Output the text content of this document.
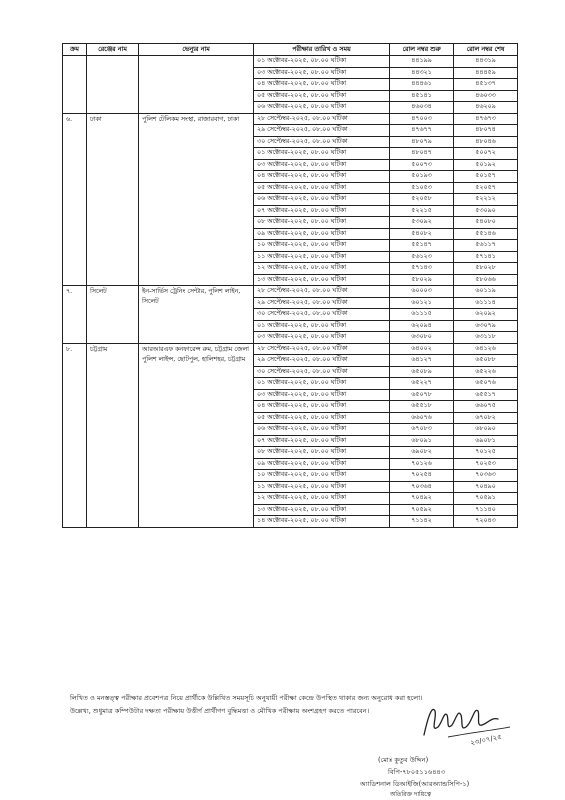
ক্রম	রেঞ্জের নাম	ভেন্যুর নাম	পরীক্ষার তারিখ ও সময়	রোল নম্বর শুরু	রোল নম্বর শেষ
			০১ অক্টোবর-২০২৫, ০৮.০০ ঘটিকা	৪৪১৯৯	৪৪৩১৯
			০৩ অক্টোবর-২০২৫, ০৮.০০ ঘটিকা	৪৪৩২১	৪৪৪৫৯
			০৪ অক্টোবর-২০২৫, ০৮.০০ ঘটিকা	৪৪৪৬১	৪৫১৩৭
			০৫ অক্টোবর-২০২৫, ০৮.০০ ঘটিকা	৪৫১৪১	৪৬০৩৩
			০৬ অক্টোবর-২০২৫, ০৮.০০ ঘটিকা	৪৬০৩৪	৪৬২০৯
৬.	ঢাকা	পুলিশ টেলিকম সংস্থা, রাজারবাগ, ঢাকা	২৮ সেপ্টেম্বর-২০২৫, ০৮.০০ ঘটিকা	৪৭০০৩	৪৭৬৭৩
			২৯ সেপ্টেম্বর-২০২৫, ০৮.০০ ঘটিকা	৪৭৬৭৭	৪৮০৭৪
			৩০ সেপ্টেম্বর-২০২৫, ০৮.০০ ঘটিকা	৪৮০৭৯	৪৮০৪৬
			০১ অক্টোবর-২০২৫, ০৮.০০ ঘটিকা	৪৮০৪৭	৫০০৭২
			০৩ অক্টোবর-২০২৫, ০৮.০০ ঘটিকা	৫০০৭৩	৫০১৯২
			০৪ অক্টোবর-২০২৫, ০৮.০০ ঘটিকা	৫০১৯৩	৫০১৫৭
			০৫ অক্টোবর-২০২৫, ০৮.০০ ঘটিকা	৫১০৫৩	৫২০৫৭
			০৬ অক্টোবর-২০২৫, ০৮.০০ ঘটিকা	৫২০৫৮	৫২২১২
			০৭ অক্টোবর-২০২৫, ০৮.০০ ঘটিকা	৫২২১৫	৫৩০৯০
			০৮ অক্টোবর-২০২৫, ০৮.০০ ঘটিকা	৫৩০৯২	৫৪০৮০
			০৯ অক্টোবর-২০২৫, ০৮.০০ ঘটিকা	৫৪০৮২	৫৫১৪৬
			১০ অক্টোবর-২০২৫, ০৮.০০ ঘটিকা	৫৫১৪৭	৫৬১১৭
			১১ অক্টোবর-২০২৫, ০৮.০০ ঘটিকা	৫৬১২৩	৫৭১৪১
			১২ অক্টোবর-২০২৫, ০৮.০০ ঘটিকা	৫৭১৪৩	৫৮০২৮
			১৩ অক্টোবর-২০২৫, ০৮.০০ ঘটিকা	৫৮০২৯	৫৮০৬৬
৭.	সিলেট	ইন-সার্ভিস ট্রেনিং সেন্টার, পুলিশ লাইন, সিলেট	২৮ সেপ্টেম্বর-২০২৫, ০৮.০০ ঘটিকা	৬০০০৩	৬০১১৯
			২৯ সেপ্টেম্বর-২০২৫, ০৮.০০ ঘটিকা	৬০১২১	৬১১১৪
			৩০ সেপ্টেম্বর-২০২৫, ০৮.০০ ঘটিকা	৬১১১৫	৬২০৯২
			০১ অক্টোবর-২০২৫, ০৮.০০ ঘটিকা	৬২০৯৪	৬৩০৭৯
			০৩ অক্টোবর-২০২৫, ০৮.০০ ঘটিকা	৬৩০৮০	৬৩১১৮
৮.	চট্টগ্রাম	আরআরএফ কনফারেন্স রুম, চট্টগ্রাম জেলা পুলিশ লাইন্স, ছোটপুল, হালিশহর, চট্টগ্রাম	২৮ সেপ্টেম্বর-২০২৫, ০৮.০০ ঘটিকা	৬৪০০২	৬৪১২৬
			২৯ সেপ্টেম্বর-২০২৫, ০৮.০০ ঘটিকা	৬৪১২৭	৬৫০৮৮
			৩০ সেপ্টেম্বর-২০২৫, ০৮.০০ ঘটিকা	৬৫০৮৯	৬৫২২৬
			০১ অক্টোবর-২০২৫, ০৮.০০ ঘটিকা	৬৫২২৭	৬৫০৭৬
			০৩ অক্টোবর-২০২৫, ০৮.০০ ঘটিকা	৬৫০৭৮	৬৫৫১৭
			০৪ অক্টোবর-২০২৫, ০৮.০০ ঘটিকা	৬৫৫১৮	৬৬০৭৫
			০৫ অক্টোবর-২০২৫, ০৮.০০ ঘটিকা	৬৬০৭৬	৬৭০৮২
			০৬ অক্টোবর-২০২৫, ০৮.০০ ঘটিকা	৬৭০৮৩	৬৮০৯০
			০৭ অক্টোবর-২০২৫, ০৮.০০ ঘটিকা	৬৮০৯১	৬৯০৮১
			০৮ অক্টোবর-২০২৫, ০৮.০০ ঘটিকা	৬৯০৮২	৭০১২৫
			০৯ অক্টোবর-২০২৫, ০৮.০০ ঘটিকা	৭০১২৬	৭০২৫৩
			১০ অক্টোবর-২০২৫, ০৮.০০ ঘটিকা	৭০২৫৪	৭০৩৬৩
			১১ অক্টোবর-২০২৫, ০৮.০০ ঘটিকা	৭০৩৬৪	৭০৪৯০
			১২ অক্টোবর-২০২৫, ০৮.০০ ঘটিকা	৭০৪৯২	৭০৫৯১
			১৩ অক্টোবর-২০২৫, ০৮.০০ ঘটিকা	৭০৫৯২	৭১১৪০
			১৪ অক্টোবর-২০২৫, ০৮.০০ ঘটিকা	৭১১৪২	৭২০৪৩
লিখিত ও মনস্তত্ত্ব পরীক্ষার প্রবেশপত্র নিয়ে প্রার্থীকে উল্লিখিত সময়সূচি অনুযায়ী পরীক্ষা কেন্দ্রে উপস্থিত থাকার জন্য অনুরোধ করা হলো।
উল্লেখ্য, শুধুমাত্র কম্পিউটার দক্ষতা পরীক্ষায় উত্তীর্ণ প্রার্থীগণ বুদ্ধিমত্তা ও মৌখিক পরীক্ষায় অংশগ্রহণ করতে পারবেন।
২৩/০৭/২৫
(মোঃ কুতুব উদ্দিন)
বিপি-৭৮০৫১১৬৪৪৩
অ্যাডিশনাল ডিআইজি(আরঅ্যান্ডসিপি-১)
অতিরিক্ত দায়িত্বে
